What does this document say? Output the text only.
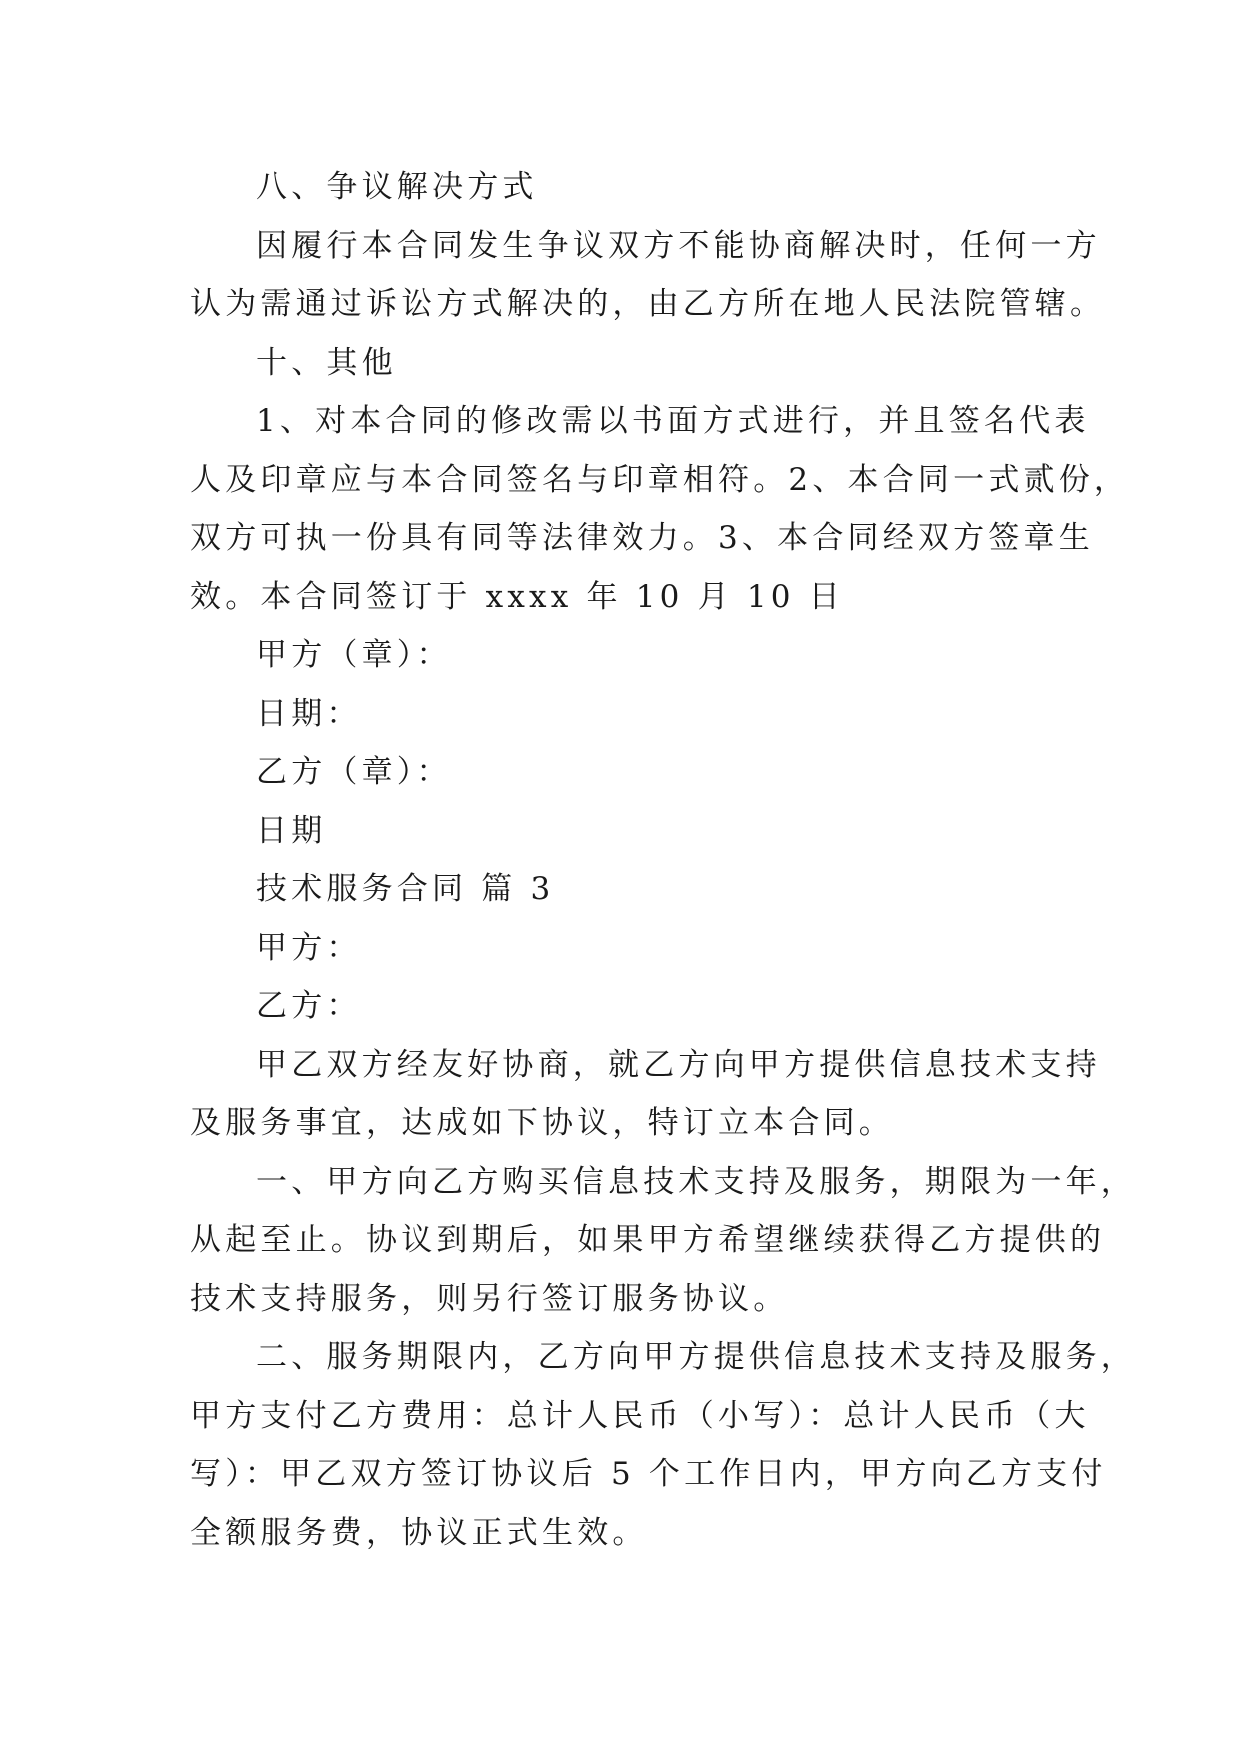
八、争议解决方式
因履行本合同发生争议双方不能协商解决时，任何一方
认为需通过诉讼方式解决的，由乙方所在地人民法院管辖。
十、其他
1、对本合同的修改需以书面方式进行，并且签名代表
人及印章应与本合同签名与印章相符。2、本合同一式贰份，
双方可执一份具有同等法律效力。3、本合同经双方签章生
效。本合同签订于 xxxx 年 10 月 10 日
甲方（章）：
日期：
乙方（章）：
日期
技术服务合同 篇 3
甲方：
乙方：
甲乙双方经友好协商，就乙方向甲方提供信息技术支持
及服务事宜，达成如下协议，特订立本合同。
一、甲方向乙方购买信息技术支持及服务，期限为一年，
从起至止。协议到期后，如果甲方希望继续获得乙方提供的
技术支持服务，则另行签订服务协议。
二、服务期限内，乙方向甲方提供信息技术支持及服务，
甲方支付乙方费用：总计人民币（小写）：总计人民币（大
写）：甲乙双方签订协议后 5 个工作日内，甲方向乙方支付
全额服务费，协议正式生效。
